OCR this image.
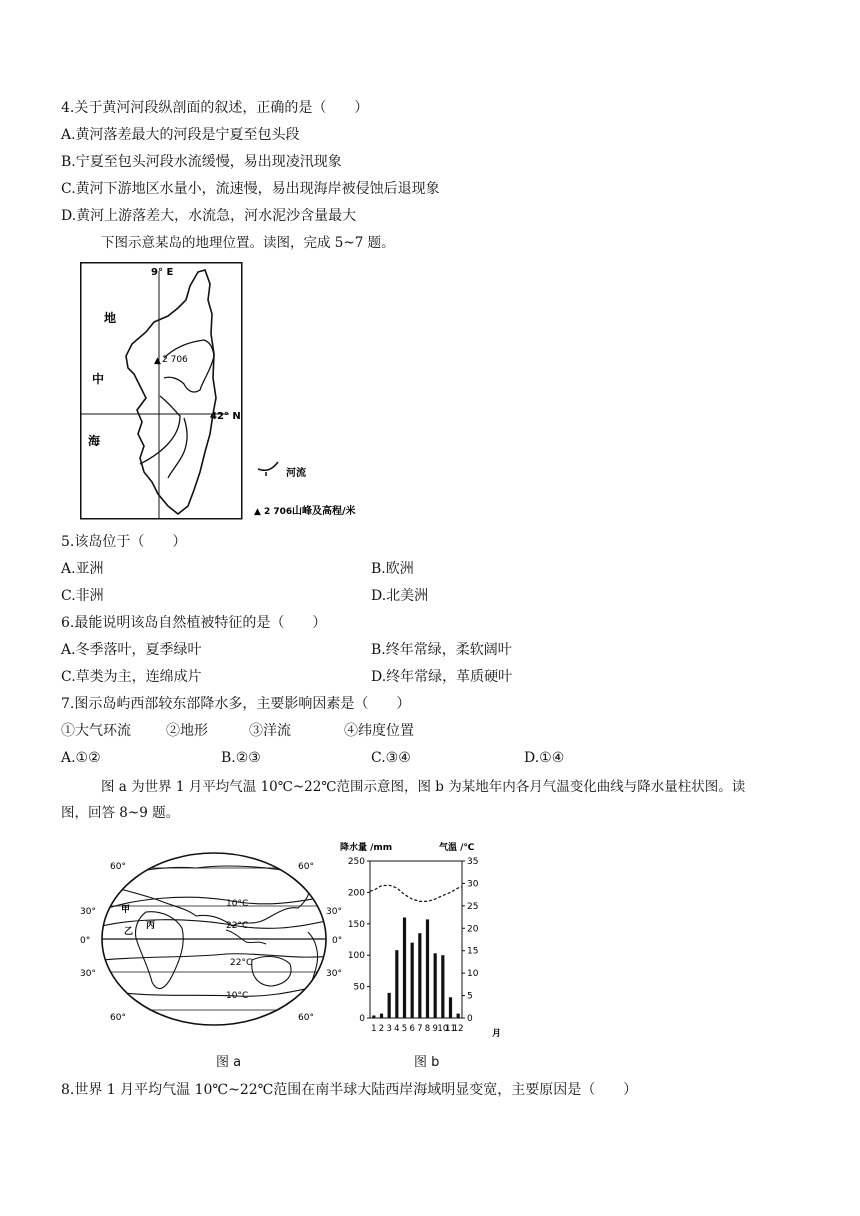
4.关于黄河河段纵剖面的叙述，正确的是（　　）
A.黄河落差最大的河段是宁夏至包头段
B.宁夏至包头河段水流缓慢，易出现凌汛现象
C.黄河下游地区水量小，流速慢，易出现海岸被侵蚀后退现象
D.黄河上游落差大，水流急，河水泥沙含量最大
下图示意某岛的地理位置。读图，完成 5~7 题。
9° E
42° N
地
中
海
▲ 2 706
河流
▲ 2 706 山峰及高程/米
5.该岛位于（　　）
A.亚洲	B.欧洲
C.非洲	D.北美洲
6.最能说明该岛自然植被特征的是（　　）
A.冬季落叶，夏季绿叶	B.终年常绿，柔软阔叶
C.草类为主，连绵成片	D.终年常绿，革质硬叶
7.图示岛屿西部较东部降水多，主要影响因素是（　　）
①大气环流	②地形	③洋流	④纬度位置
A.①②	B.②③	C.③④	D.①④
图 a 为世界 1 月平均气温 10℃~22℃范围示意图，图 b 为某地年内各月气温变化曲线与降水量柱状图。读
图，回答 8~9 题。
10°C
22°C
22°C
10°C
甲
乙
丙
60°
30°
0°
30°
60°
60°
30°
0°
30°
60°
降水量 /mm	气温 /℃
0
50
100
150
200
250
0
5
10
15
20
25
30
35
1 2 3 4 5 6 7 8 9 10
11
12	月
图 a	图 b
8.世界 1 月平均气温 10℃~22℃范围在南半球大陆西岸海域明显变宽，主要原因是（　　）
